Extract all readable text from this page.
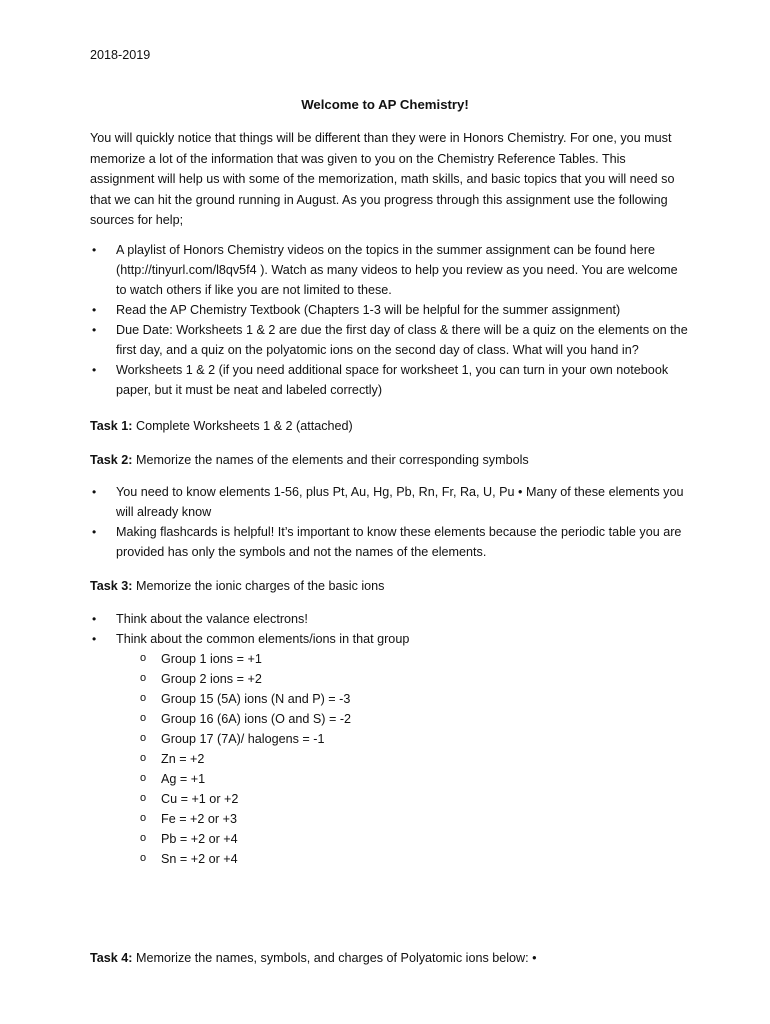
2018-2019
Welcome to AP Chemistry!
You will quickly notice that things will be different than they were in Honors Chemistry. For one, you must memorize a lot of the information that was given to you on the Chemistry Reference Tables. This assignment will help us with some of the memorization, math skills, and basic topics that you will need so that we can hit the ground running in August. As you progress through this assignment use the following sources for help;
• A playlist of Honors Chemistry videos on the topics in the summer assignment can be found here (http://tinyurl.com/l8qv5f4 ). Watch as many videos to help you review as you need. You are welcome to watch others if like you are not limited to these.
• Read the AP Chemistry Textbook (Chapters 1-3 will be helpful for the summer assignment)
• Due Date: Worksheets 1 & 2 are due the first day of class & there will be a quiz on the elements on the first day, and a quiz on the polyatomic ions on the second day of class. What will you hand in?
• Worksheets 1 & 2 (if you need additional space for worksheet 1, you can turn in your own notebook paper, but it must be neat and labeled correctly)
Task 1: Complete Worksheets 1 & 2 (attached)
Task 2: Memorize the names of the elements and their corresponding symbols
• You need to know elements 1-56, plus Pt, Au, Hg, Pb, Rn, Fr, Ra, U, Pu • Many of these elements you will already know
• Making flashcards is helpful! It’s important to know these elements because the periodic table you are provided has only the symbols and not the names of the elements.
Task 3: Memorize the ionic charges of the basic ions
• Think about the valance electrons!
• Think about the common elements/ions in that group
o Group 1 ions = +1
o Group 2 ions = +2
o Group 15 (5A) ions (N and P) = -3
o Group 16 (6A) ions (O and S) = -2
o Group 17 (7A)/ halogens = -1
o Zn = +2
o Ag = +1
o Cu = +1 or +2
o Fe = +2 or +3
o Pb = +2 or +4
o Sn = +2 or +4
Task 4: Memorize the names, symbols, and charges of Polyatomic ions below: •
